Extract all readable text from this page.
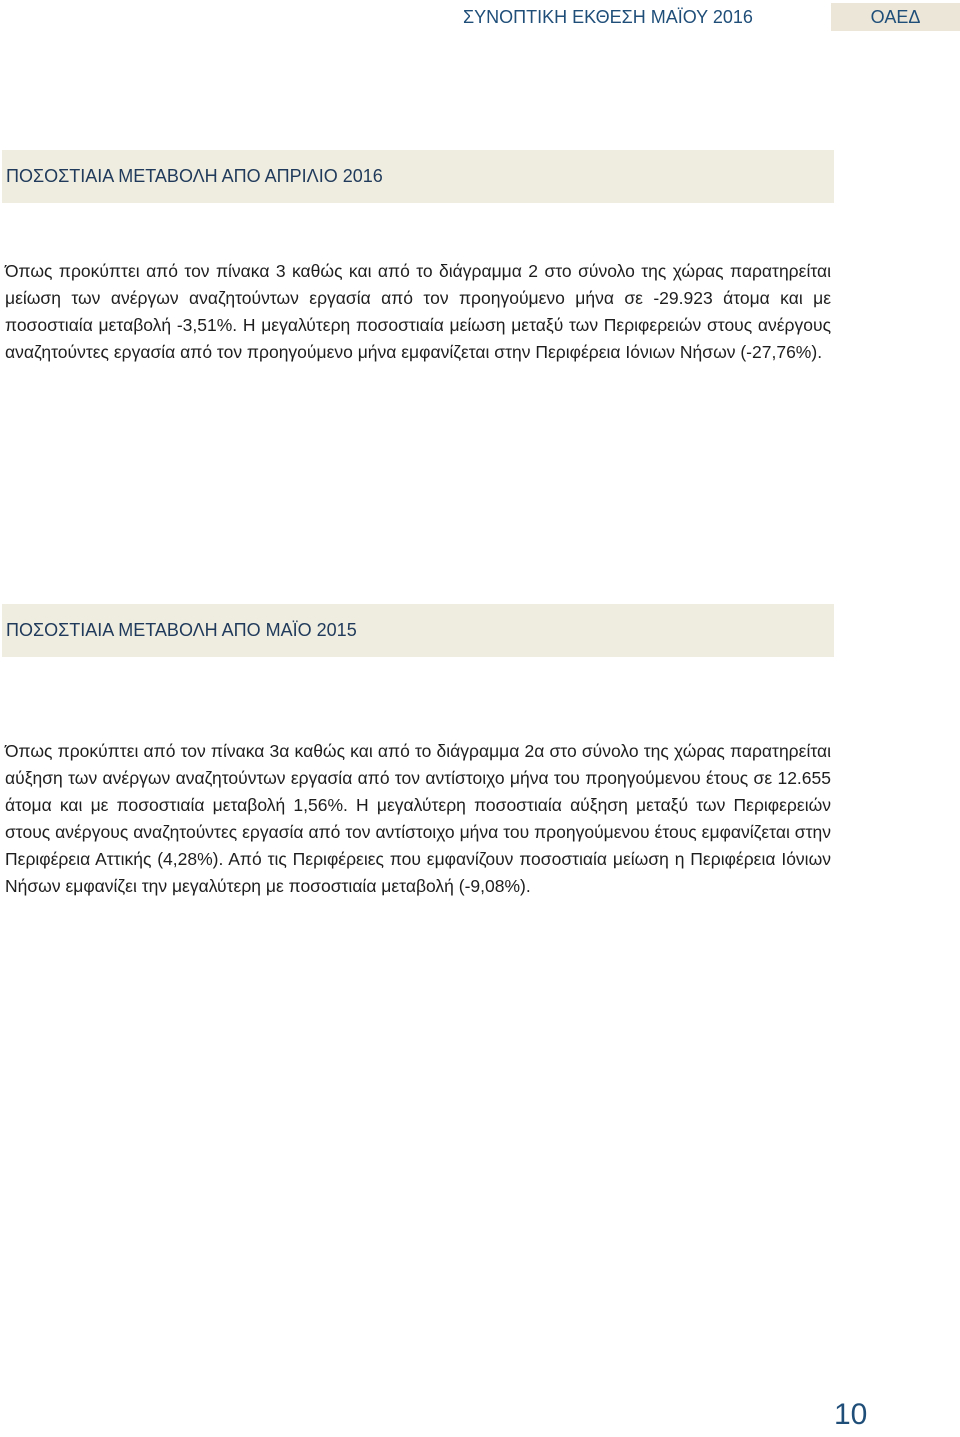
ΣΥΝΟΠΤΙΚΗ ΕΚΘΕΣΗ ΜΑΪΟΥ 2016	ΟΑΕΔ
ΠΟΣΟΣΤΙΑΙΑ ΜΕΤΑΒΟΛΗ ΑΠΟ ΑΠΡΙΛΙΟ 2016
Όπως προκύπτει από τον πίνακα 3 καθώς και από το διάγραμμα 2 στο σύνολο της χώρας παρατηρείται μείωση των ανέργων αναζητούντων εργασία από τον προηγούμενο μήνα σε -29.923 άτομα και με ποσοστιαία μεταβολή -3,51%. Η μεγαλύτερη ποσοστιαία μείωση μεταξύ των Περιφερειών στους ανέργους αναζητούντες εργασία από τον προηγούμενο μήνα εμφανίζεται στην Περιφέρεια Ιόνιων Νήσων (-27,76%).
ΠΟΣΟΣΤΙΑΙΑ ΜΕΤΑΒΟΛΗ ΑΠΟ ΜΑΪΟ 2015
Όπως προκύπτει από τον πίνακα 3α καθώς και από το διάγραμμα 2α στο σύνολο της χώρας παρατηρείται αύξηση των ανέργων αναζητούντων εργασία από τον αντίστοιχο μήνα του προηγούμενου έτους σε 12.655 άτομα και με ποσοστιαία μεταβολή 1,56%. Η μεγαλύτερη ποσοστιαία αύξηση μεταξύ των Περιφερειών στους ανέργους αναζητούντες εργασία από τον αντίστοιχο μήνα του προηγούμενου έτους εμφανίζεται στην Περιφέρεια Αττικής (4,28%). Από τις Περιφέρειες που εμφανίζουν ποσοστιαία μείωση η Περιφέρεια Ιόνιων Νήσων εμφανίζει την μεγαλύτερη με ποσοστιαία μεταβολή (-9,08%).
10
